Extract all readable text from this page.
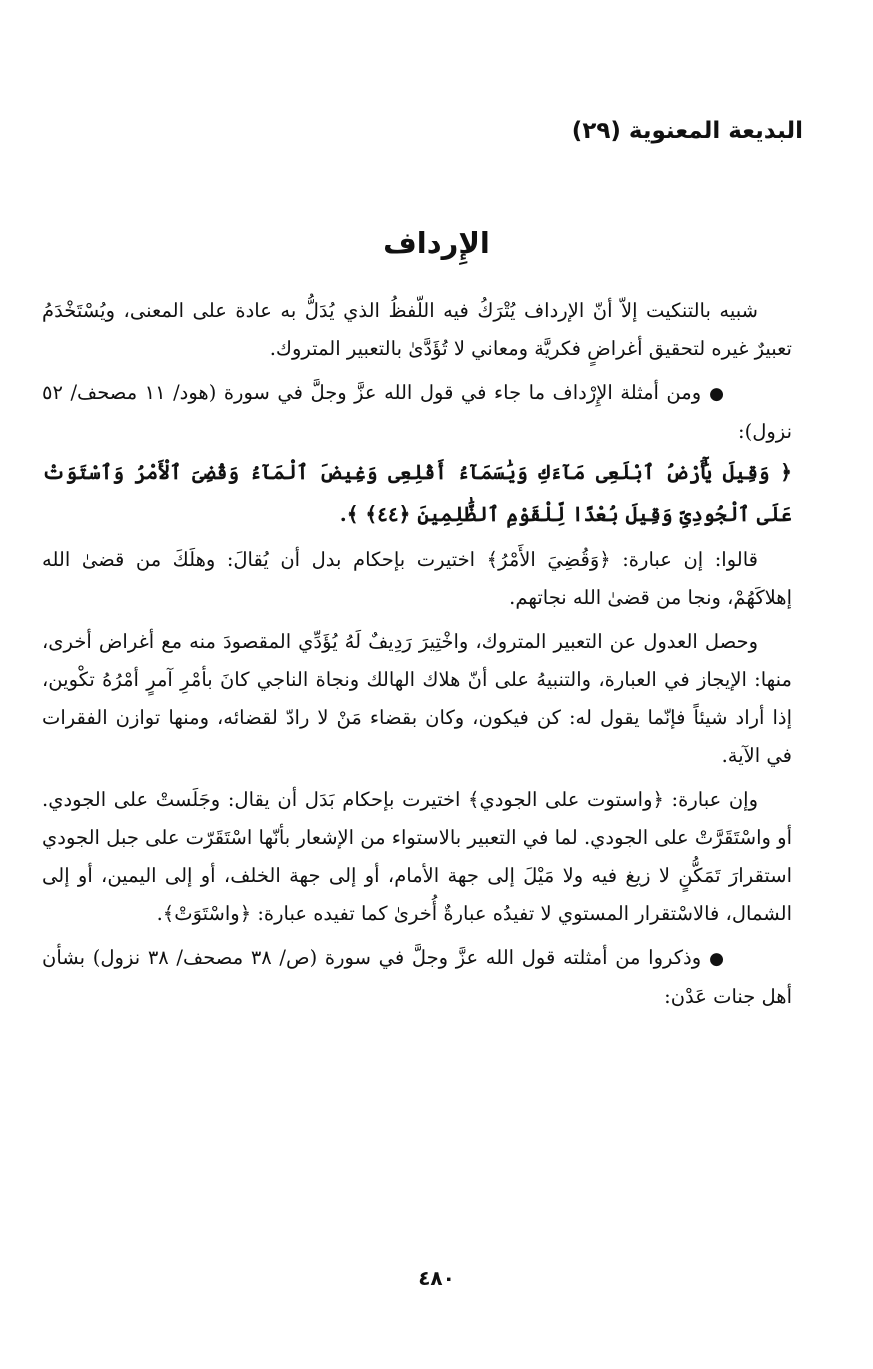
البديعة المعنوية (٢٩)
الإِرداف

شبيه بالتنكيت إلاّ أنّ الإرداف يُتْرَكُ فيه اللّفظُ الذي يُدَلُّ به عادة على المعنى، ويُسْتَخْدَمُ تعبيرٌ غيره لتحقيق أغراضٍ فكريَّة ومعاني لا تُؤَدَّىٰ بالتعبير المتروك.

●ومن أمثلة الإِرْداف ما جاء في قول الله عزَّ وجلَّ في سورة (هود/ ١١ مصحف/ ٥٢ نزول):

﴿ وَقِيلَ يَٰٓأَرْضُ ٱبْلَعِى مَآءَكِ وَيَٰسَمَآءُ أَقْلِعِى وَغِيضَ ٱلْمَآءُ وَقُضِىَ ٱلْأَمْرُ وَٱسْتَوَتْ عَلَى ٱلْجُودِىِّ وَقِيلَ بُعْدًا لِّلْقَوْمِ ٱلظَّٰلِمِينَ ﴿٤٤﴾ ﴾.

قالوا: إن عبارة: ﴿وَقُضِيَ الأَمْرُ﴾ اختيرت بإحكام بدل أن يُقالَ: وهلَكَ من قضىٰ الله إهلاكَهُمْ، ونجا من قضىٰ الله نجاتهم.

وحصل العدول عن التعبير المتروك، واخْتِيرَ رَدِيفٌ لَهُ يُؤَدِّي المقصودَ منه مع أغراض أخرى، منها: الإيجاز في العبارة، والتنبيهُ على أنّ هلاك الهالك ونجاة الناجي كانَ بأمْرِ آمرٍ أمْرُهُ تكْوين، إذا أراد شيئاً فإنّما يقول له: كن فيكون، وكان بقضاء مَنْ لا رادّ لقضائه، ومنها توازن الفقرات في الآية.

وإن عبارة: ﴿واستوت على الجودي﴾ اختيرت بإحكام بَدَل أن يقال: وجَلَستْ على الجودي. أو واسْتَقَرَّتْ على الجودي. لما في التعبير بالاستواء من الإشعار بأنّها اسْتَقَرّت على جبل الجودي استقرارَ تَمَكُّنٍ لا زيغ فيه ولا مَيْلَ إلى جهة الأمام، أو إلى جهة الخلف، أو إلى اليمين، أو إلى الشمال، فالاسْتقرار المستوي لا تفيدُه عبارةٌ أُخرىٰ كما تفيده عبارة: ﴿واسْتَوَتْ﴾.

●وذكروا من أمثلته قول الله عزَّ وجلَّ في سورة (ص/ ٣٨ مصحف/ ٣٨ نزول) بشأن أهل جنات عَدْن:

٤٨٠
